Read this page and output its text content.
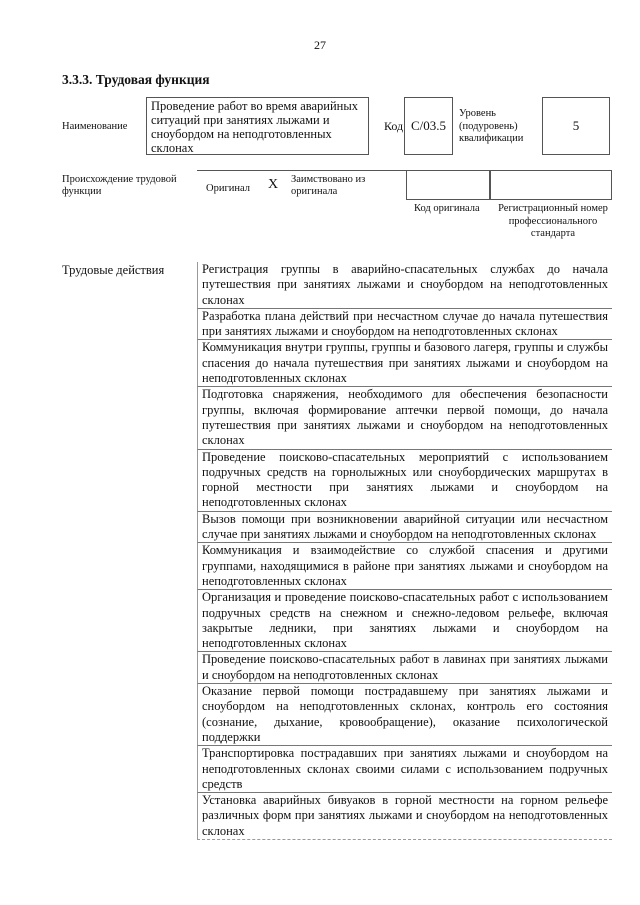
27
3.3.3. Трудовая функция
Наименование
Проведение работ во время аварийных ситуаций при занятиях лыжами и сноубордом на неподготовленных склонах
Код C/03.5
Уровень
(подуровень)
квалификации
5
Происхождение трудовой
функции	Оригинал X Заимствовано из
оригинала
Код оригинала	Регистрационный номер профессионального стандарта
Трудовые действия	Регистрация группы в аварийно-спасательных службах до начала путешествия при занятиях лыжами и сноубордом на неподготовленных склонах
Разработка плана действий при несчастном случае до начала путешествия при занятиях лыжами и сноубордом на неподготовленных склонах
Коммуникация внутри группы, группы и базового лагеря, группы и службы спасения до начала путешествия при занятиях лыжами и сноубордом на неподготовленных склонах
Подготовка снаряжения, необходимого для обеспечения безопасности группы, включая формирование аптечки первой помощи, до начала путешествия при занятиях лыжами и сноубордом на неподготовленных склонах
Проведение поисково-спасательных мероприятий с использованием подручных средств на горнолыжных или сноубордических маршрутах в горной местности при занятиях лыжами и сноубордом на неподготовленных склонах
Вызов помощи при возникновении аварийной ситуации или несчастном случае при занятиях лыжами и сноубордом на неподготовленных склонах
Коммуникация и взаимодействие со службой спасения и другими группами, находящимися в районе при занятиях лыжами и сноубордом на неподготовленных склонах
Организация и проведение поисково-спасательных работ с использованием подручных средств на снежном и снежно-ледовом рельефе, включая закрытые ледники, при занятиях лыжами и сноубордом на неподготовленных склонах
Проведение поисково-спасательных работ в лавинах при занятиях лыжами и сноубордом на неподготовленных склонах
Оказание первой помощи пострадавшему при занятиях лыжами и сноубордом на неподготовленных склонах, контроль его состояния (сознание, дыхание, кровообращение), оказание психологической поддержки
Транспортировка пострадавших при занятиях лыжами и сноубордом на неподготовленных склонах своими силами с использованием подручных средств
Установка аварийных бивуаков в горной местности на горном рельефе различных форм при занятиях лыжами и сноубордом на неподготовленных склонах
